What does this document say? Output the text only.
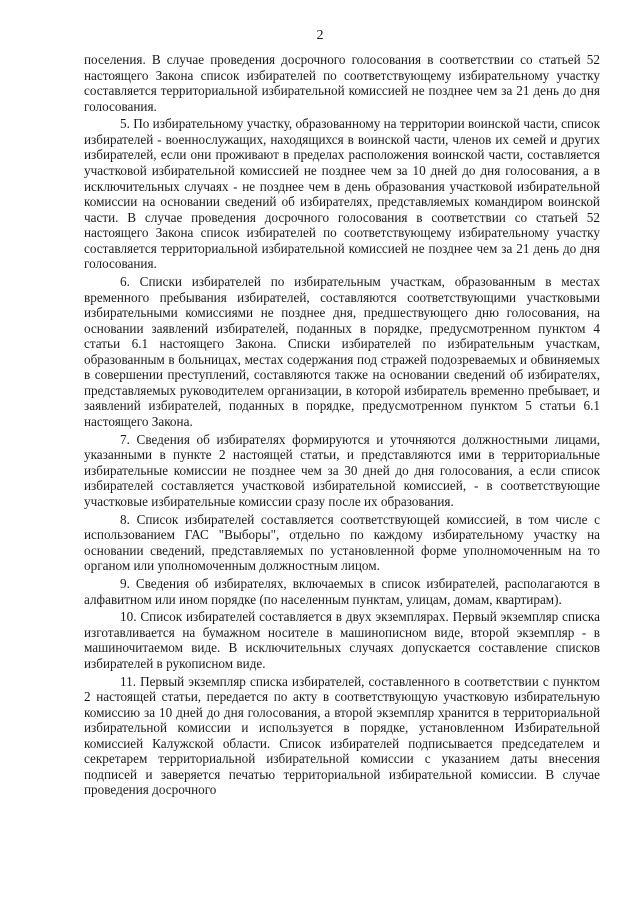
2

поселения. В случае проведения досрочного голосования в соответствии со статьей 52 настоящего Закона список избирателей по соответствующему избирательному участку составляется территориальной избирательной комиссией не позднее чем за 21 день до дня голосования.

5. По избирательному участку, образованному на территории воинской части, список избирателей - военнослужащих, находящихся в воинской части, членов их семей и других избирателей, если они проживают в пределах расположения воинской части, составляется участковой избирательной комиссией не позднее чем за 10 дней до дня голосования, а в исключительных случаях - не позднее чем в день образования участковой избирательной комиссии на основании сведений об избирателях, представляемых командиром воинской части. В случае проведения досрочного голосования в соответствии со статьей 52 настоящего Закона список избирателей по соответствующему избирательному участку составляется территориальной избирательной комиссией не позднее чем за 21 день до дня голосования.

6. Списки избирателей по избирательным участкам, образованным в местах временного пребывания избирателей, составляются соответствующими участковыми избирательными комиссиями не позднее дня, предшествующего дню голосования, на основании заявлений избирателей, поданных в порядке, предусмотренном пунктом 4 статьи 6.1 настоящего Закона. Списки избирателей по избирательным участкам, образованным в больницах, местах содержания под стражей подозреваемых и обвиняемых в совершении преступлений, составляются также на основании сведений об избирателях, представляемых руководителем организации, в которой избиратель временно пребывает, и заявлений избирателей, поданных в порядке, предусмотренном пунктом 5 статьи 6.1 настоящего Закона.

7. Сведения об избирателях формируются и уточняются должностными лицами, указанными в пункте 2 настоящей статьи, и представляются ими в территориальные избирательные комиссии не позднее чем за 30 дней до дня голосования, а если список избирателей составляется участковой избирательной комиссией, - в соответствующие участковые избирательные комиссии сразу после их образования.

8. Список избирателей составляется соответствующей комиссией, в том числе с использованием ГАС "Выборы", отдельно по каждому избирательному участку на основании сведений, представляемых по установленной форме уполномоченным на то органом или уполномоченным должностным лицом.

9. Сведения об избирателях, включаемых в список избирателей, располагаются в алфавитном или ином порядке (по населенным пунктам, улицам, домам, квартирам).

10. Список избирателей составляется в двух экземплярах. Первый экземпляр списка изготавливается на бумажном носителе в машинописном виде, второй экземпляр - в машиночитаемом виде. В исключительных случаях допускается составление списков избирателей в рукописном виде.

11. Первый экземпляр списка избирателей, составленного в соответствии с пунктом 2 настоящей статьи, передается по акту в соответствующую участковую избирательную комиссию за 10 дней до дня голосования, а второй экземпляр хранится в территориальной избирательной комиссии и используется в порядке, установленном Избирательной комиссией Калужской области. Список избирателей подписывается председателем и секретарем территориальной избирательной комиссии с указанием даты внесения подписей и заверяется печатью территориальной избирательной комиссии. В случае проведения досрочного
